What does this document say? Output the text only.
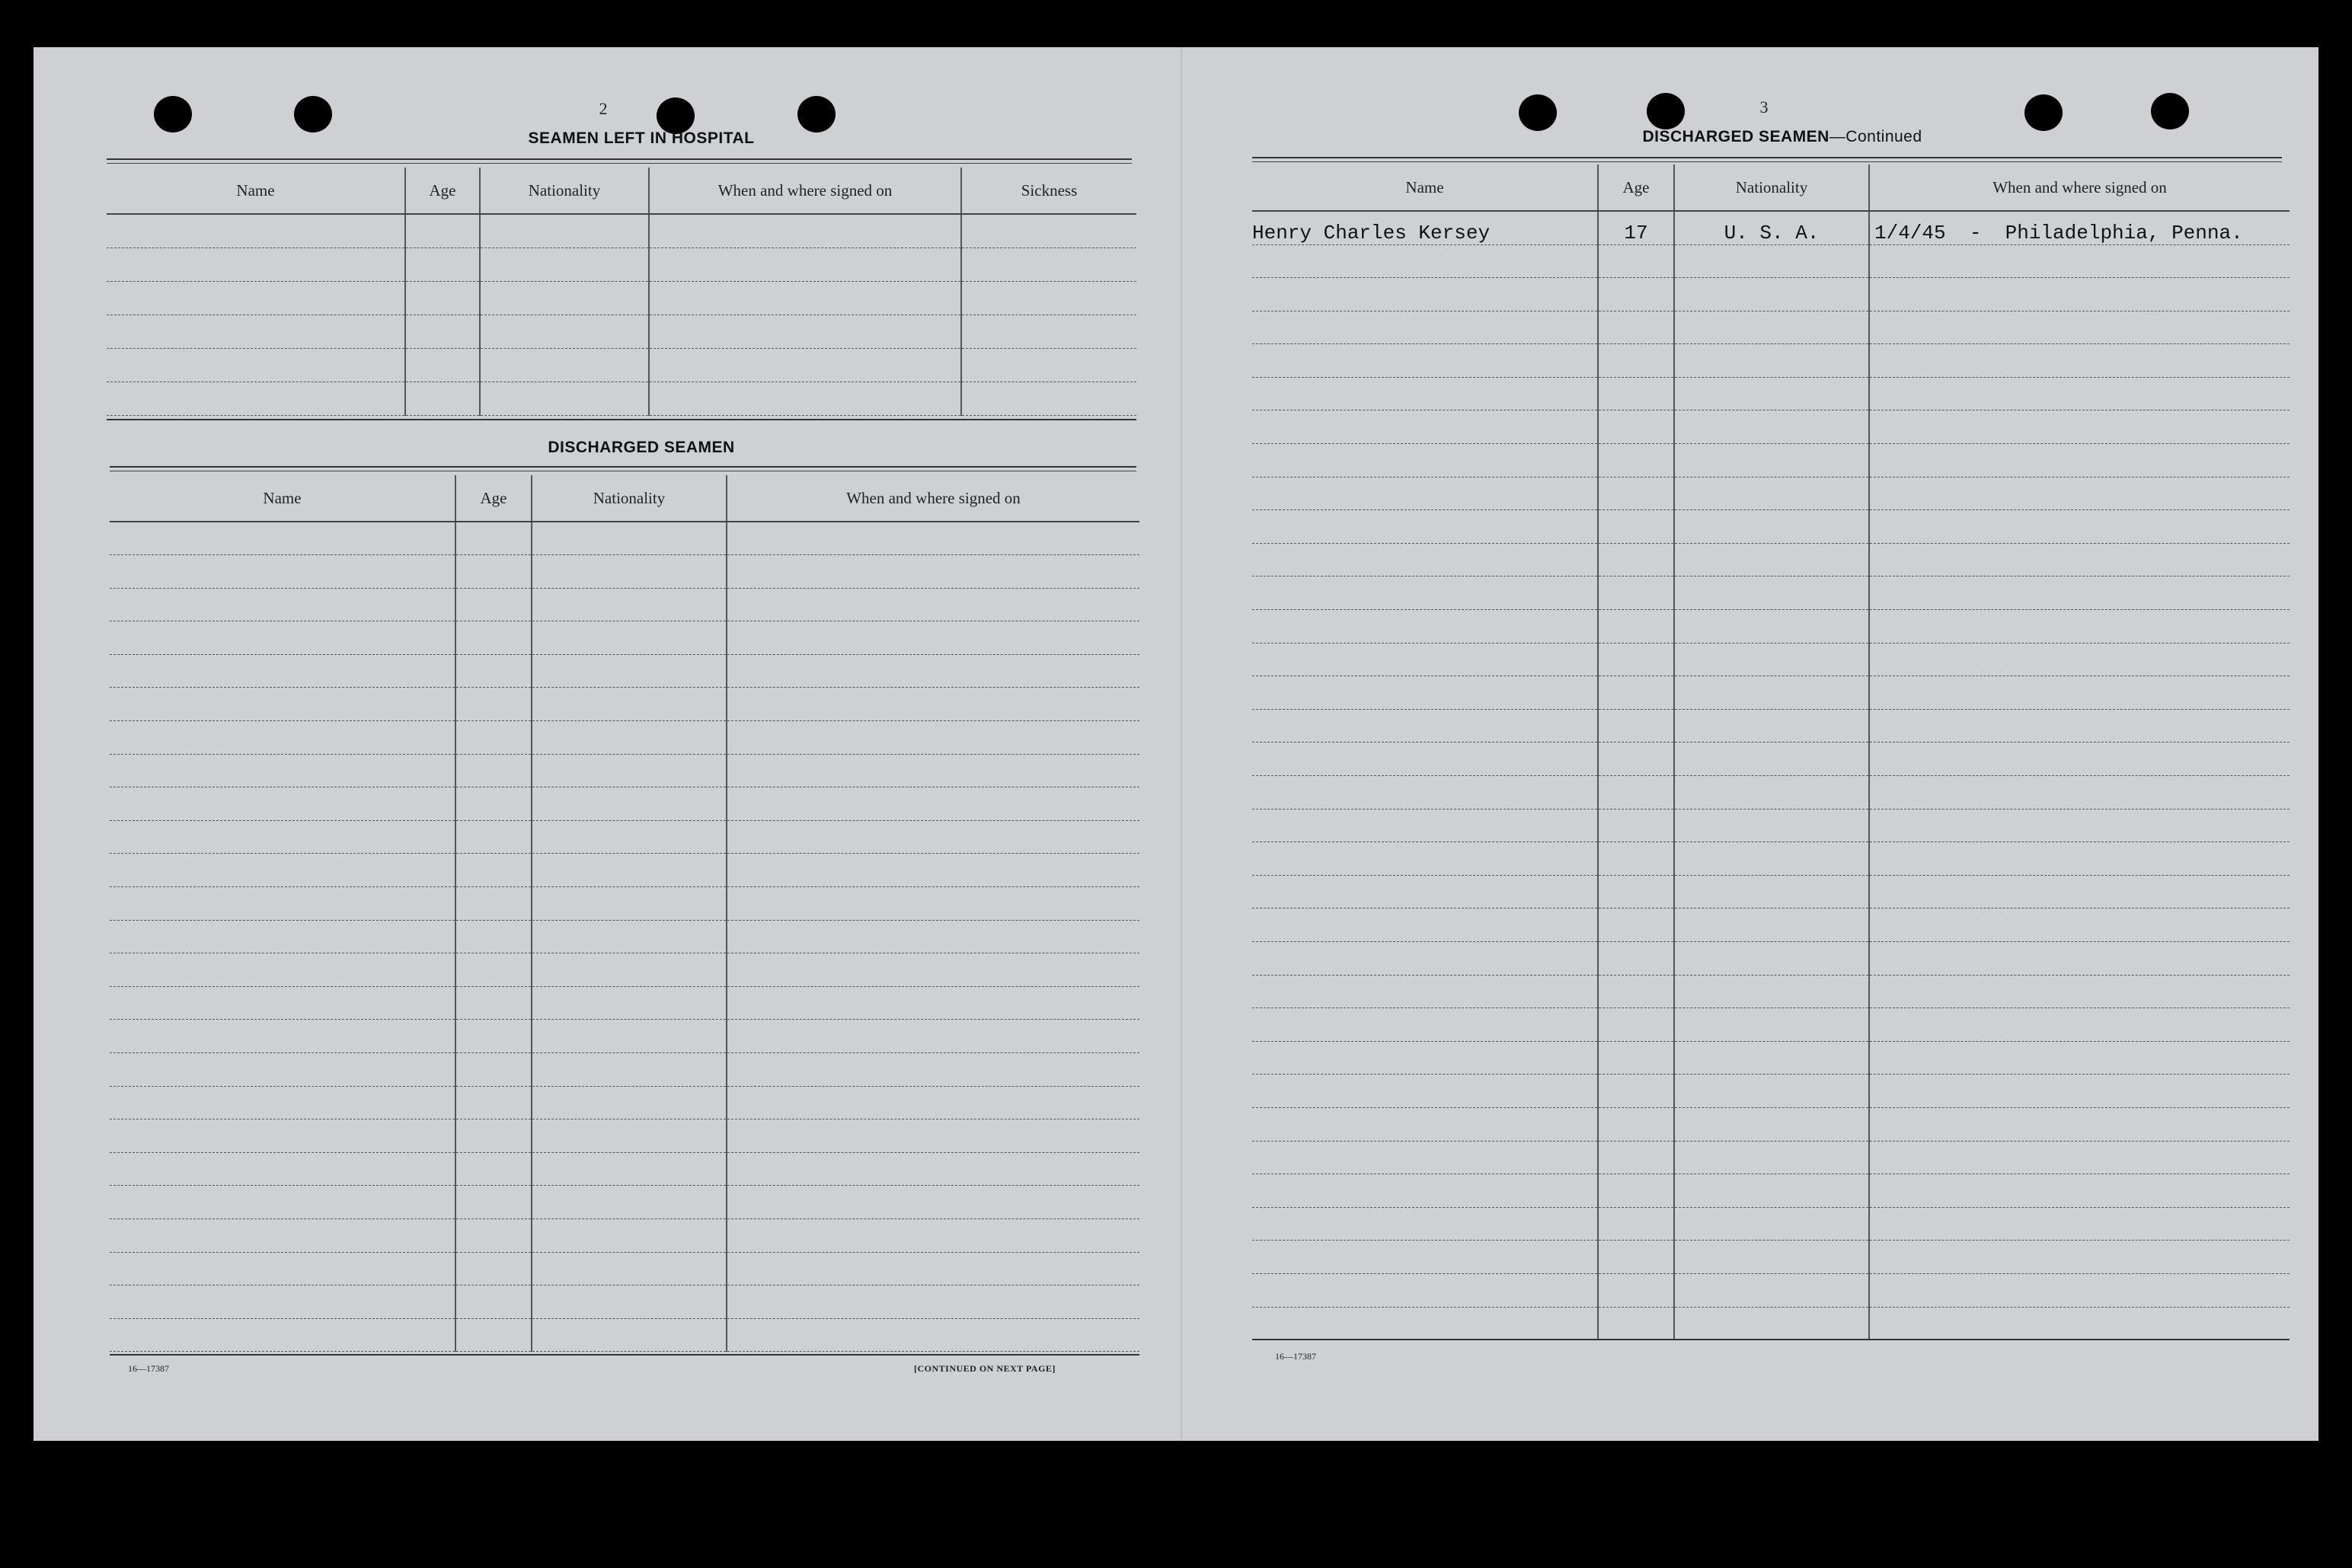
2
SEAMEN LEFT IN HOSPITAL
Name	Age	Nationality	When and where signed on	Sickness

DISCHARGED SEAMEN
Name	Age	Nationality	When and where signed on

16—17387	[CONTINUED ON NEXT PAGE]
3
DISCHARGED SEAMEN—Continued
Name	Age	Nationality	When and where signed on
Henry Charles Kersey	17	U. S. A.	1/4/45  -  Philadelphia, Penna.

16—17387
